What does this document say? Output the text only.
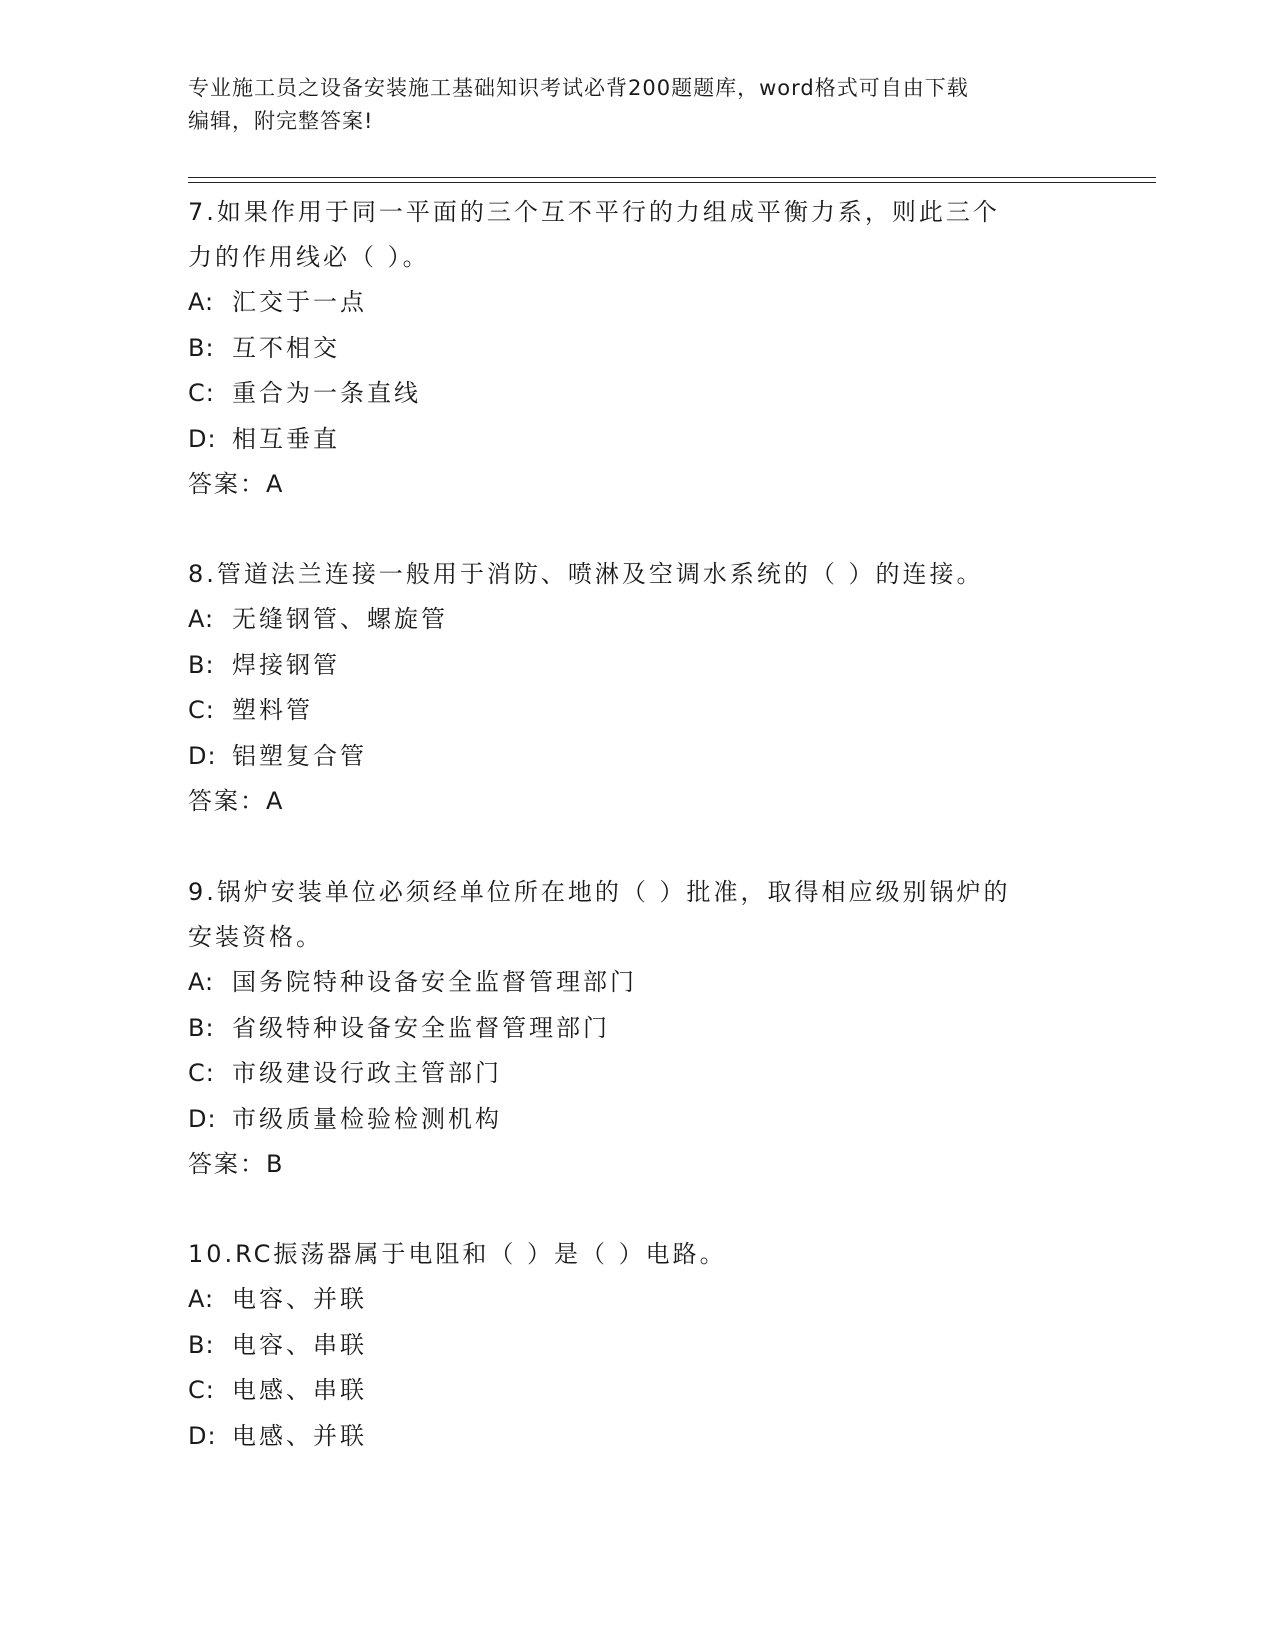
专业施工员之设备安装施工基础知识考试必背200题题库，word格式可自由下载
编辑，附完整答案!
7.如果作用于同一平面的三个互不平行的力组成平衡力系，则此三个
力的作用线必（ ）。
A: 汇交于一点
B: 互不相交
C: 重合为一条直线
D: 相互垂直
答案：A
8.管道法兰连接一般用于消防、喷淋及空调水系统的（ ）的连接。
A: 无缝钢管、螺旋管
B: 焊接钢管
C: 塑料管
D: 铝塑复合管
答案：A
9.锅炉安装单位必须经单位所在地的（ ）批准，取得相应级别锅炉的
安装资格。
A: 国务院特种设备安全监督管理部门
B: 省级特种设备安全监督管理部门
C: 市级建设行政主管部门
D: 市级质量检验检测机构
答案：B
10.RC振荡器属于电阻和（ ）是（ ）电路。
A: 电容、并联
B: 电容、串联
C: 电感、串联
D: 电感、并联
